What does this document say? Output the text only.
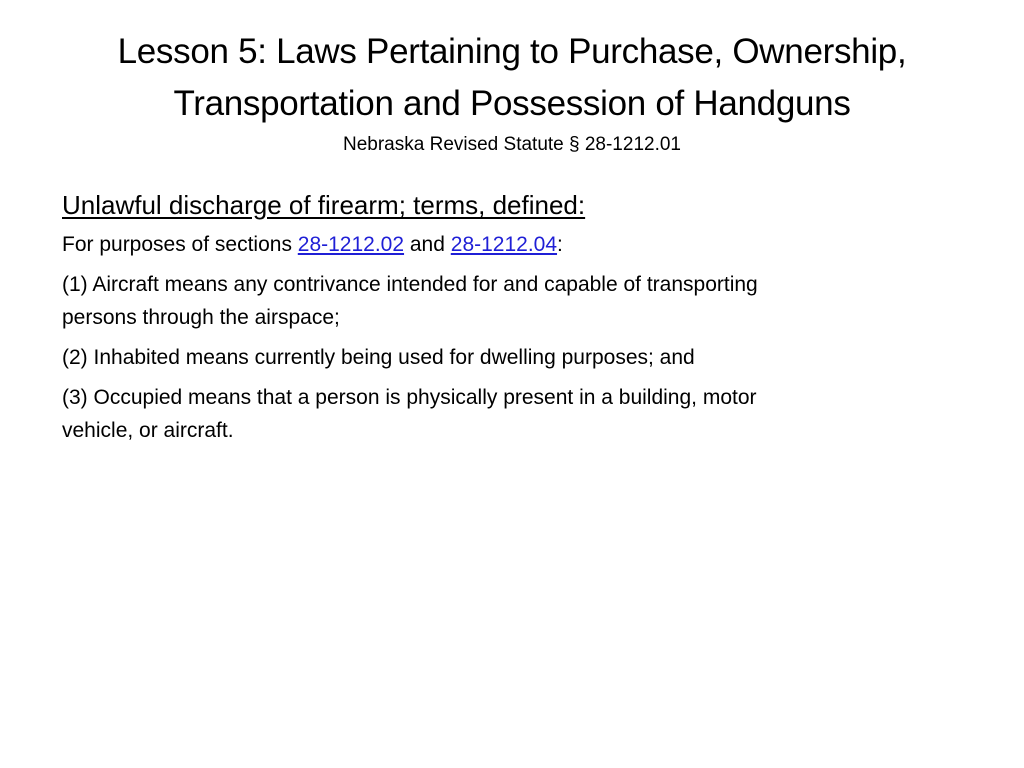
Lesson 5: Laws Pertaining to Purchase, Ownership,
Transportation and Possession of Handguns
Nebraska Revised Statute § 28-1212.01
Unlawful discharge of firearm; terms, defined:
For purposes of sections 28-1212.02 and 28-1212.04:
(1) Aircraft means any contrivance intended for and capable of transporting
persons through the airspace;
(2) Inhabited means currently being used for dwelling purposes; and
(3) Occupied means that a person is physically present in a building, motor
vehicle, or aircraft.
